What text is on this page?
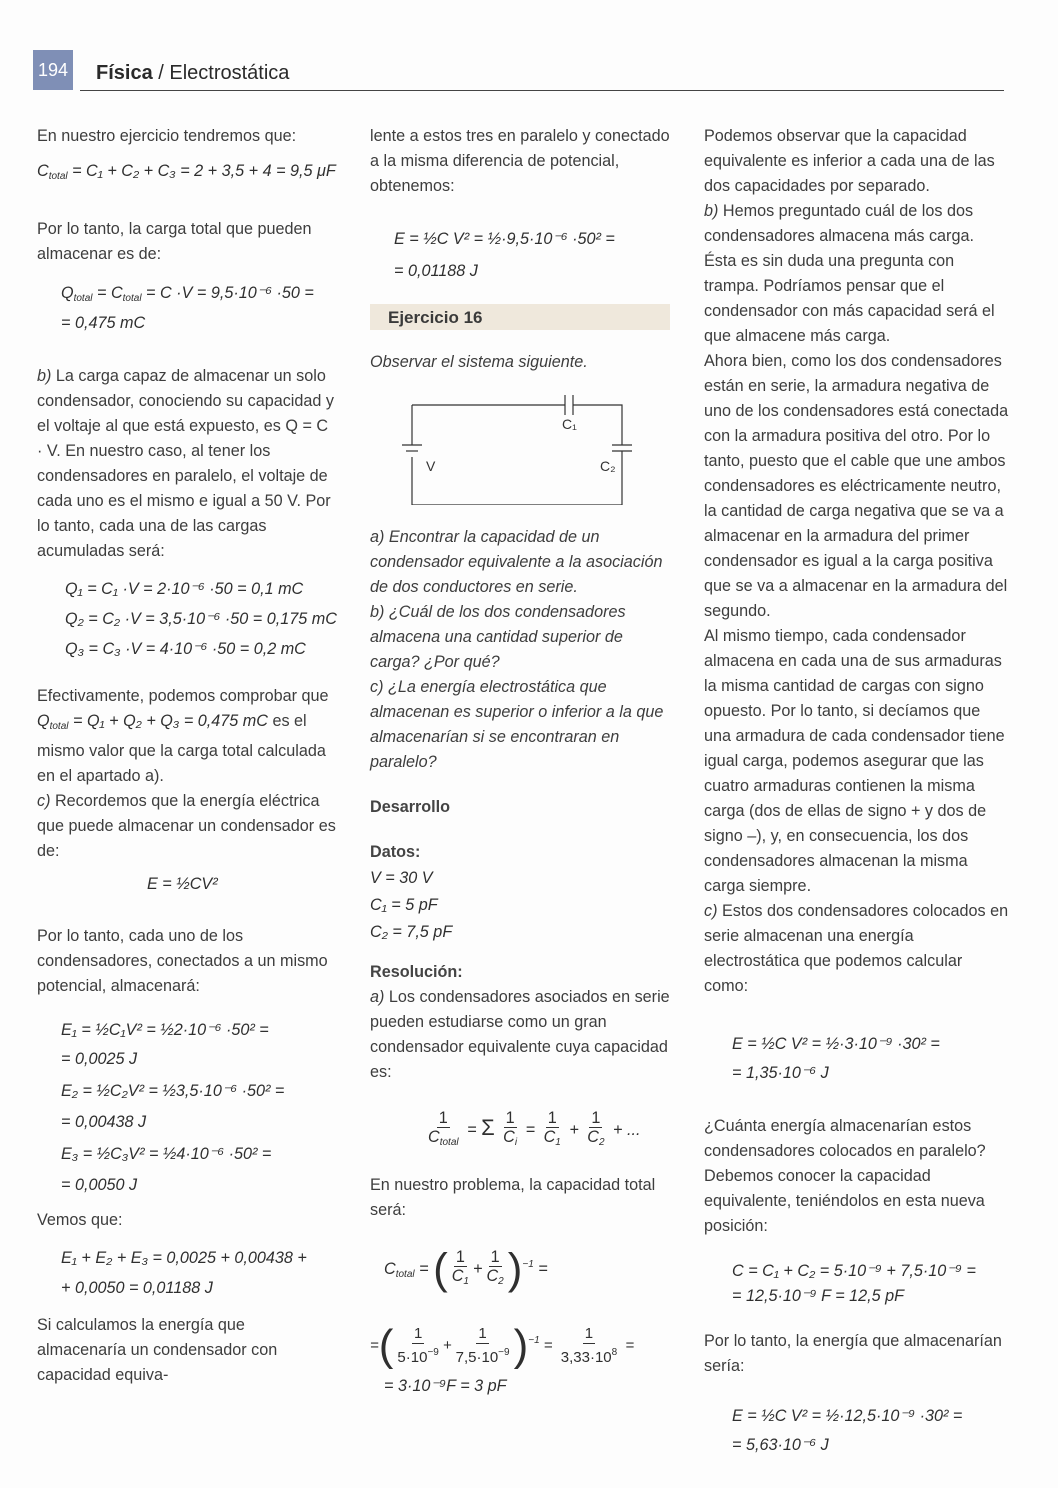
194 Física / Electrostática

En nuestro ejercicio tendremos que:

$C_{total} = C_1 + C_2 + C_3 = 2 + 3,5 + 4 = 9,5$ μF

Por lo tanto, la carga total que pueden almacenar es de:

$Q_{total} = C_{total} = C \cdot V = 9,5\cdot 10^{-6} \cdot 50$ =
= 0,475 mC

b) La carga capaz de almacenar un solo condensador, conociendo su capacidad y el voltaje al que está expuesto, es Q = C · V. En nuestro caso, al tener los condensadores en paralelo, el voltaje de cada uno es el mismo e igual a 50 V. Por lo tanto, cada una de las cargas acumuladas será:

Q₁ = C₁ ·V = 2·10⁻⁶ ·50 = 0,1 mC
Q₂ = C₂ ·V = 3,5·10⁻⁶ ·50 = 0,175 mC
Q₃ = C₃ ·V = 4·10⁻⁶ ·50 = 0,2 mC

Efectivamente, podemos comprobar que

$Q_{total} = Q_1 + Q_2 + Q_3 = 0,475$ mC es el mismo valor que la carga total calculada en el apartado a).

c) Recordemos que la energía eléctrica que puede almacenar un condensador es de:

E = ½CV²

Por lo tanto, cada uno de los condensadores, conectados a un mismo potencial, almacenará:

E₁ = ½C₁V² = ½2·10⁻⁶ ·50² =
= 0,0025 J
E₂ = ½C₂V² = ½3,5·10⁻⁶ ·50² =
= 0,00438 J
E₃ = ½C₃V² = ½4·10⁻⁶ ·50² =
= 0,0050 J

Vemos que:

E₁ + E₂ + E₃ = 0,0025 + 0,00438 +
+ 0,0050 = 0,01188 J

Si calculamos la energía que almacenaría un condensador con capacidad equiva-

lente a estos tres en paralelo y conectado a la misma diferencia de potencial, obtenemos:

E = ½C V² = ½·9,5·10⁻⁶ ·50² =
= 0,01188 J
Ejercicio 16

Observar el sistema siguiente.

C₁
V	C₂

a) Encontrar la capacidad de un condensador equivalente a la asociación de dos conductores en serie.

b) ¿Cuál de los dos condensadores almacena una cantidad superior de carga? ¿Por qué?

c) ¿La energía electrostática que almacenan es superior o inferior a la que almacenarían si se encontraran en paralelo?

Desarrollo

Datos:

V = 30 V
C₁ = 5 pF
C₂ = 7,5 pF

Resolución:

a) Los condensadores asociados en serie pueden estudiarse como un gran condensador equivalente cuya capacidad es:

$\frac{1}{C_{total}} = \Sigma \frac{1}{C_i} = \frac{1}{C_1} + \frac{1}{C_2}$ + ...

En nuestro problema, la capacidad total será:

$C_{total}$ = ( $\frac{1}{C_1} + \frac{1}{C_2} )^{-1}$ =
=( $\frac{1}{5\cdot 10^{-9}} + \frac{1}{7,5\cdot 10^{-9}} )^{-1} = \frac{1}{3,33\cdot 10^8}$ =
= 3·10⁻⁹F = 3 pF

Podemos observar que la capacidad equivalente es inferior a cada una de las dos capacidades por separado.

b) Hemos preguntado cuál de los dos condensadores almacena más carga. Ésta es sin duda una pregunta con trampa. Podríamos pensar que el condensador con más capacidad será el que almacene más carga.

Ahora bien, como los dos condensadores están en serie, la armadura negativa de uno de los condensadores está conectada con la armadura positiva del otro. Por lo tanto, puesto que el cable que une ambos condensadores es eléctricamente neutro, la cantidad de carga negativa que se va a almacenar en la armadura del primer condensador es igual a la carga positiva que se va a almacenar en la armadura del segundo.

Al mismo tiempo, cada condensador almacena en cada una de sus armaduras la misma cantidad de cargas con signo opuesto. Por lo tanto, si decíamos que una armadura de cada condensador tiene igual carga, podemos asegurar que las cuatro armaduras contienen la misma carga (dos de ellas de signo + y dos de signo –), y, en consecuencia, los dos condensadores almacenan la misma carga siempre.

c) Estos dos condensadores colocados en serie almacenan una energía electrostática que podemos calcular como:

E = ½C V² = ½·3·10⁻⁹ ·30² =
= 1,35·10⁻⁶ J

¿Cuánta energía almacenarían estos condensadores colocados en paralelo? Debemos conocer la capacidad equivalente, teniéndolos en esta nueva posición:

C = C₁ + C₂ = 5·10⁻⁹ + 7,5·10⁻⁹ =
= 12,5·10⁻⁹ F = 12,5 pF

Por lo tanto, la energía que almacenarían sería:

E = ½C V² = ½·12,5·10⁻⁹ ·30² =
= 5,63·10⁻⁶ J
